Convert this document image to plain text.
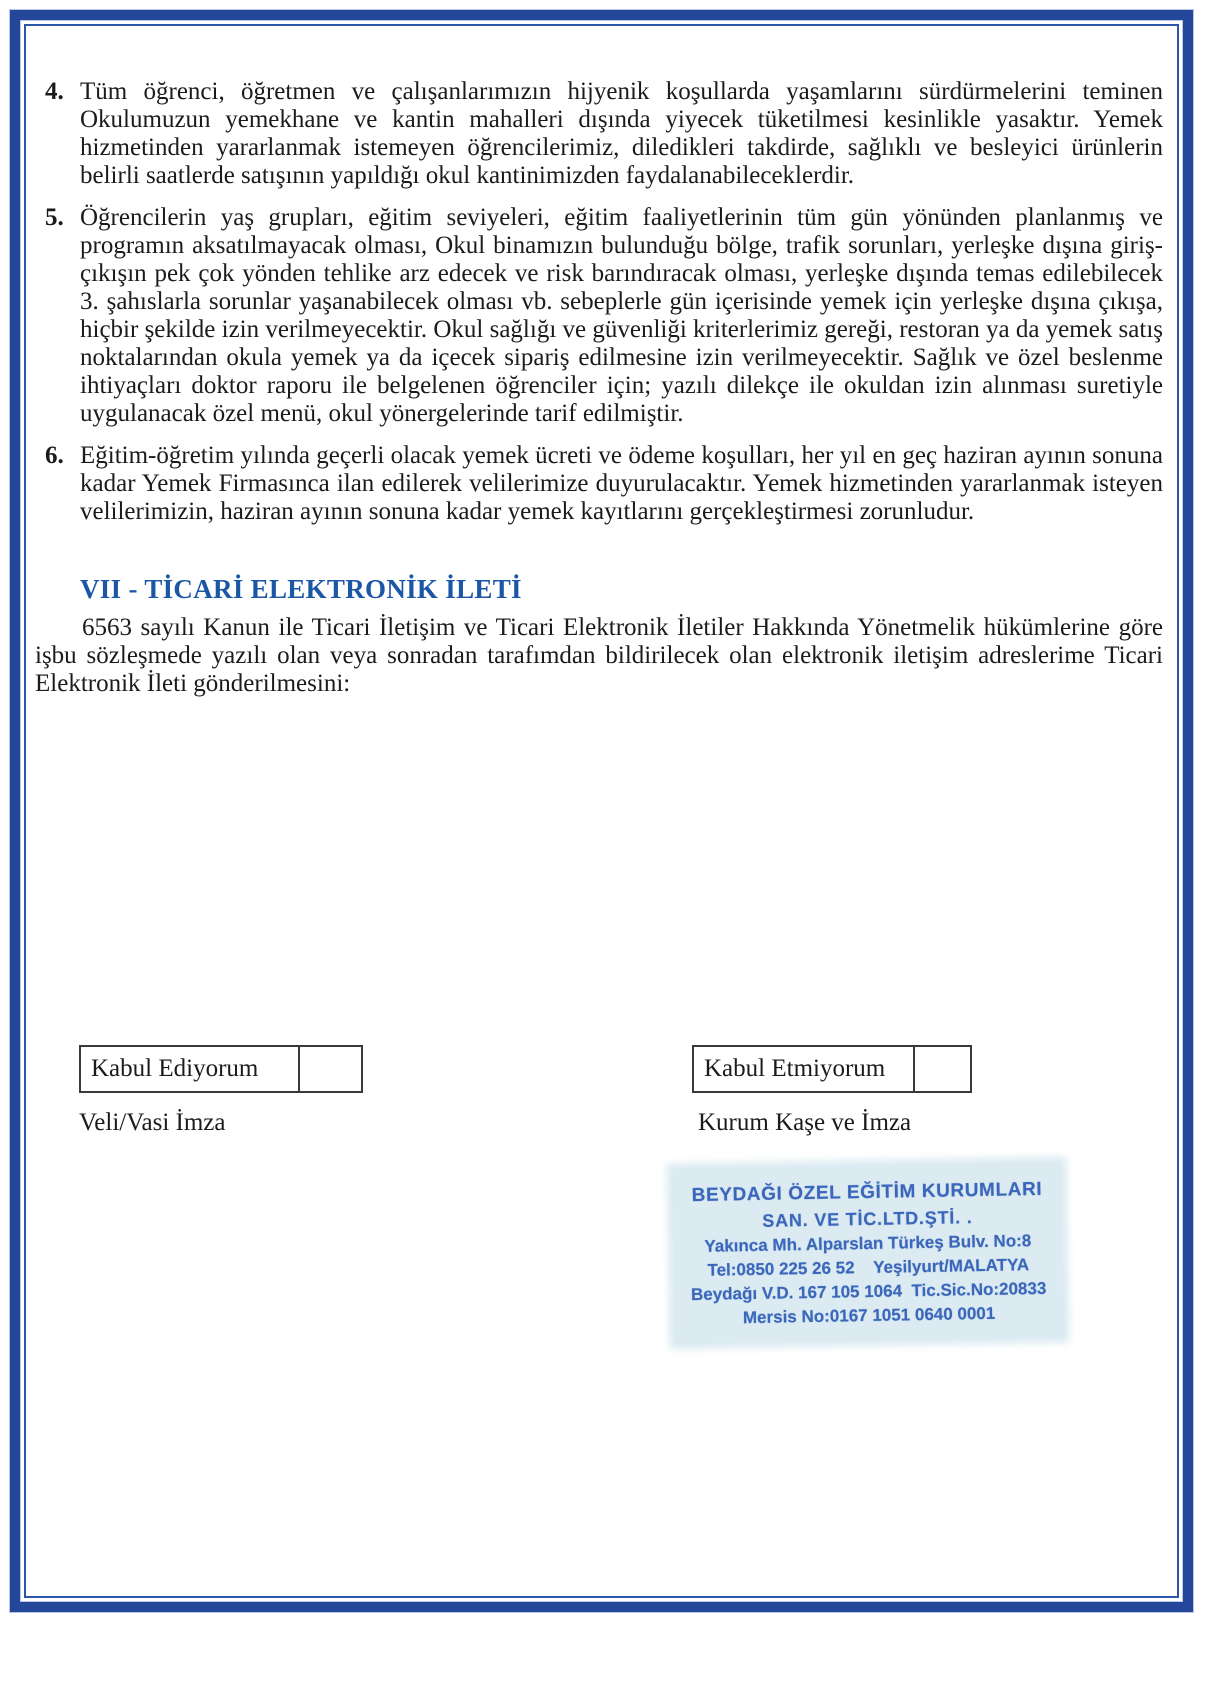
4. Tüm öğrenci, öğretmen ve çalışanlarımızın hijyenik koşullarda yaşamlarını sürdürmelerini teminen Okulumuzun yemekhane ve kantin mahalleri dışında yiyecek tüketilmesi kesinlikle yasaktır. Yemek hizmetinden yararlanmak istemeyen öğrencilerimiz, diledikleri takdirde, sağlıklı ve besleyici ürünlerin belirli saatlerde satışının yapıldığı okul kantinimizden faydalanabileceklerdir.
5. Öğrencilerin yaş grupları, eğitim seviyeleri, eğitim faaliyetlerinin tüm gün yönünden planlanmış ve programın aksatılmayacak olması, Okul binamızın bulunduğu bölge, trafik sorunları, yerleşke dışına giriş-çıkışın pek çok yönden tehlike arz edecek ve risk barındıracak olması, yerleşke dışında temas edilebilecek 3. şahıslarla sorunlar yaşanabilecek olması vb. sebeplerle gün içerisinde yemek için yerleşke dışına çıkışa, hiçbir şekilde izin verilmeyecektir. Okul sağlığı ve güvenliği kriterlerimiz gereği, restoran ya da yemek satış noktalarından okula yemek ya da içecek sipariş edilmesine izin verilmeyecektir. Sağlık ve özel beslenme ihtiyaçları doktor raporu ile belgelenen öğrenciler için; yazılı dilekçe ile okuldan izin alınması suretiyle uygulanacak özel menü, okul yönergelerinde tarif edilmiştir.
6. Eğitim-öğretim yılında geçerli olacak yemek ücreti ve ödeme koşulları, her yıl en geç haziran ayının sonuna kadar Yemek Firmasınca ilan edilerek velilerimize duyurulacaktır. Yemek hizmetinden yararlanmak isteyen velilerimizin, haziran ayının sonuna kadar yemek kayıtlarını gerçekleştirmesi zorunludur.
VII - TİCARİ ELEKTRONİK İLETİ

6563 sayılı Kanun ile Ticari İletişim ve Ticari Elektronik İletiler Hakkında Yönetmelik hükümlerine göre işbu sözleşmede yazılı olan veya sonradan tarafımdan bildirilecek olan elektronik iletişim adreslerime Ticari Elektronik İleti gönderilmesini:

Kabul Ediyorum	Kabul Etmiyorum
Veli/Vasi İmza	Kurum Kaşe ve İmza
BEYDAĞI ÖZEL EĞİTİM KURUMLARI
SAN. VE TİC.LTD.ŞTİ. .
Yakınca Mh. Alparslan Türkeş Bulv. No:8
Tel:0850 225 26 52    Yeşilyurt/MALATYA
Beydağı V.D. 167 105 1064  Tic.Sic.No:20833
Mersis No:0167 1051 0640 0001
